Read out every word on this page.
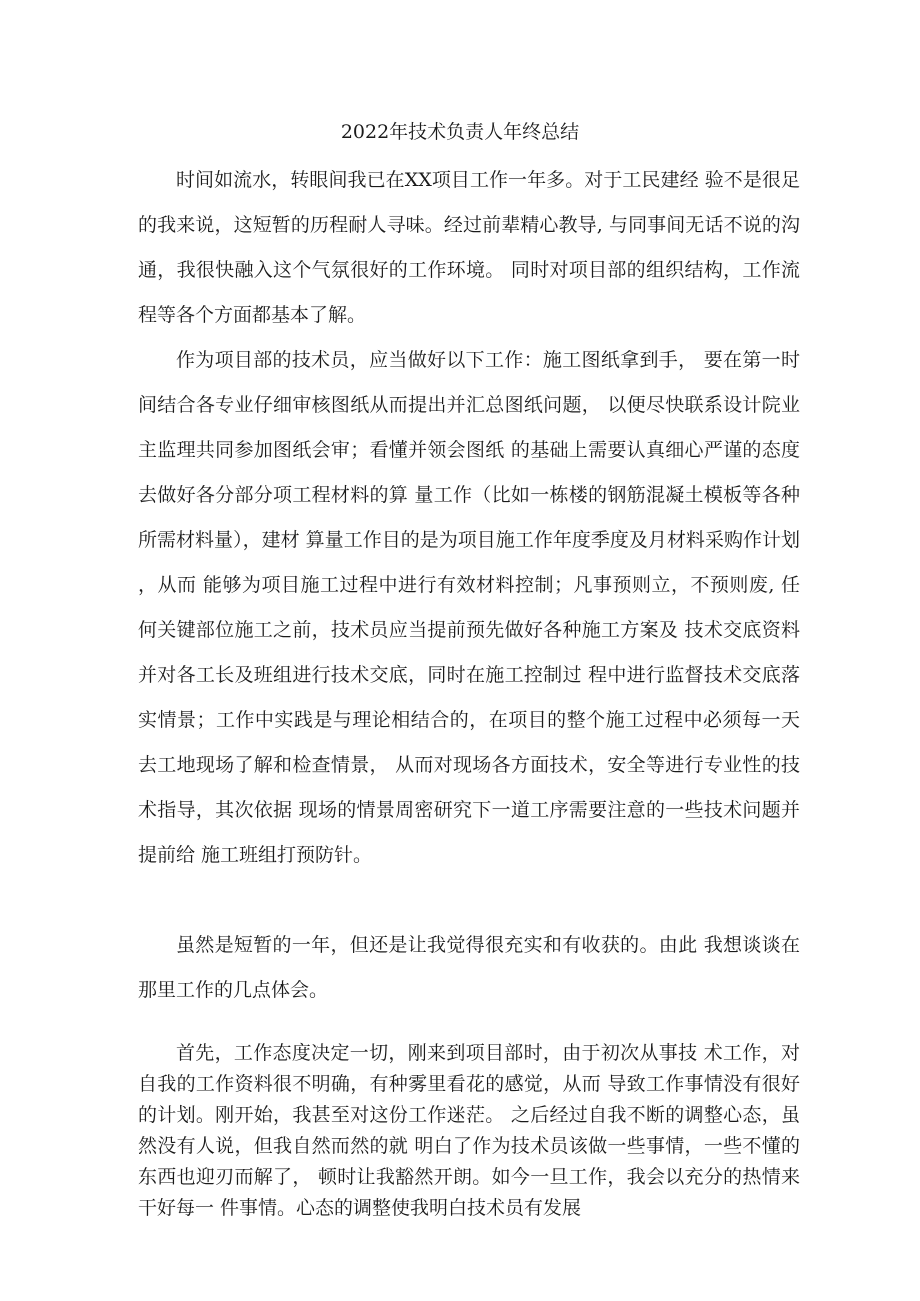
2022年技术负责人年终总结

时间如流水，转眼间我已在XX项目工作一年多。对于工民建经 验不是很足的我来说，这短暂的历程耐人寻味。经过前辈精心教导, 与同事间无话不说的沟通，我很快融入这个气氛很好的工作环境。 同时对项目部的组织结构，工作流程等各个方面都基本了解。

作为项目部的技术员，应当做好以下工作：施工图纸拿到手， 要在第一时间结合各专业仔细审核图纸从而提出并汇总图纸问题， 以便尽快联系设计院业主监理共同参加图纸会审；看懂并领会图纸 的基础上需要认真细心严谨的态度去做好各分部分项工程材料的算 量工作（比如一栋楼的钢筋混凝土模板等各种所需材料量），建材 算量工作目的是为项目施工作年度季度及月材料采购作计划，从而 能够为项目施工过程中进行有效材料控制；凡事预则立，不预则废, 任何关键部位施工之前，技术员应当提前预先做好各种施工方案及 技术交底资料并对各工长及班组进行技术交底，同时在施工控制过 程中进行监督技术交底落实情景；工作中实践是与理论相结合的，在项目的整个施工过程中必须每一天去工地现场了解和检查情景， 从而对现场各方面技术，安全等进行专业性的技术指导，其次依据 现场的情景周密研究下一道工序需要注意的一些技术问题并提前给 施工班组打预防针。

虽然是短暂的一年，但还是让我觉得很充实和有收获的。由此 我想谈谈在那里工作的几点体会。

首先，工作态度决定一切，刚来到项目部时，由于初次从事技 术工作，对自我的工作资料很不明确，有种雾里看花的感觉，从而 导致工作事情没有很好的计划。刚开始，我甚至对这份工作迷茫。 之后经过自我不断的调整心态，虽然没有人说，但我自然而然的就 明白了作为技术员该做一些事情，一些不懂的东西也迎刃而解了， 顿时让我豁然开朗。如今一旦工作，我会以充分的热情来干好每一 件事情。心态的调整使我明白技术员有发展
